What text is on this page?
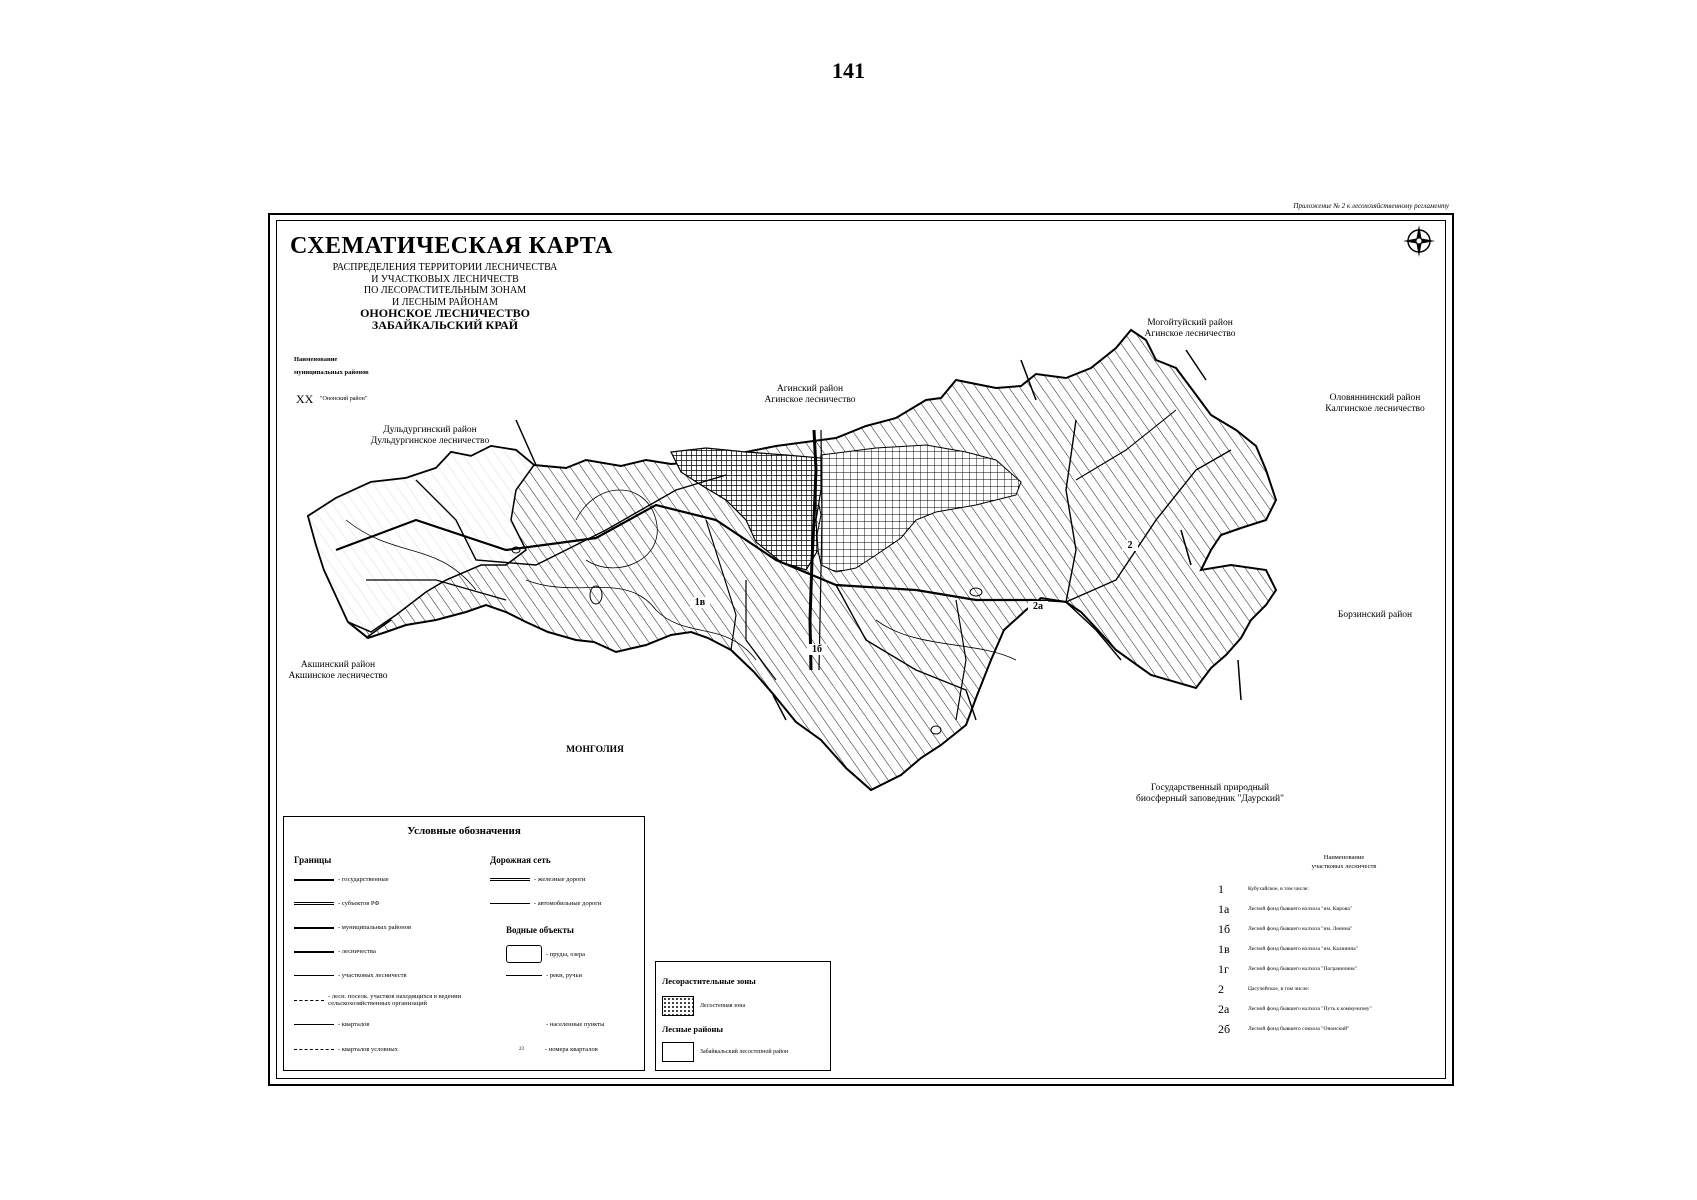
141
Приложение № 2 к лесохозяйственному регламенту
СХЕМАТИЧЕСКАЯ КАРТА
РАСПРЕДЕЛЕНИЯ ТЕРРИТОРИИ ЛЕСНИЧЕСТВА
И УЧАСТКОВЫХ ЛЕСНИЧЕСТВ
ПО ЛЕСОРАСТИТЕЛЬНЫМ ЗОНАМ
И ЛЕСНЫМ РАЙОНАМ
ОНОНСКОЕ ЛЕСНИЧЕСТВО
ЗАБАЙКАЛЬСКИЙ КРАЙ
Наименование
муниципальных районов
ХХ "Ононский район"
Дульдургинский район
Дульдургинское лесничество
Агинский район
Агинское лесничество
Могойтуйский район
Агинское лесничество
Оловяннинский район
Калгинское лесничество
Борзинский район
Акшинский район
Акшинское лесничество
МОНГОЛИЯ
Государственный природный
биосферный заповедник "Даурский"
1в
1б
2а
2
Условные обозначения
Границы
- государственные
- субъектов РФ
- муниципальных районов
- лесничества
- участковых лесничеств
- лесн. поселк. участков находящихся в ведении сельскохозяйственных организаций
- кварталов
- кварталов условных
Дорожная сеть
- железные дороги
- автомобильные дороги
Водные объекты
- пруды, озера
- реки, ручьи
- населенные пункты
23	- номера кварталов
Лесорастительные зоны
Лесостепная зона
Лесные районы
Забайкальский лесостепной район
Наименование
участковых лесничеств
1	Кубухайское, в том числе:
1а	Лесной фонд бывшего колхоза "им. Кирова"
1б	Лесной фонд бывшего колхоза "им. Ленина"
1в	Лесной фонд бывшего колхоза "им. Калинина"
1г	Лесной фонд бывшего колхоза "Пограничник"
2	Цасучейское, в том числе:
2а	Лесной фонд бывшего колхоза "Путь к коммунизму"
2б	Лесной фонд бывшего совхоза "Ононский"
